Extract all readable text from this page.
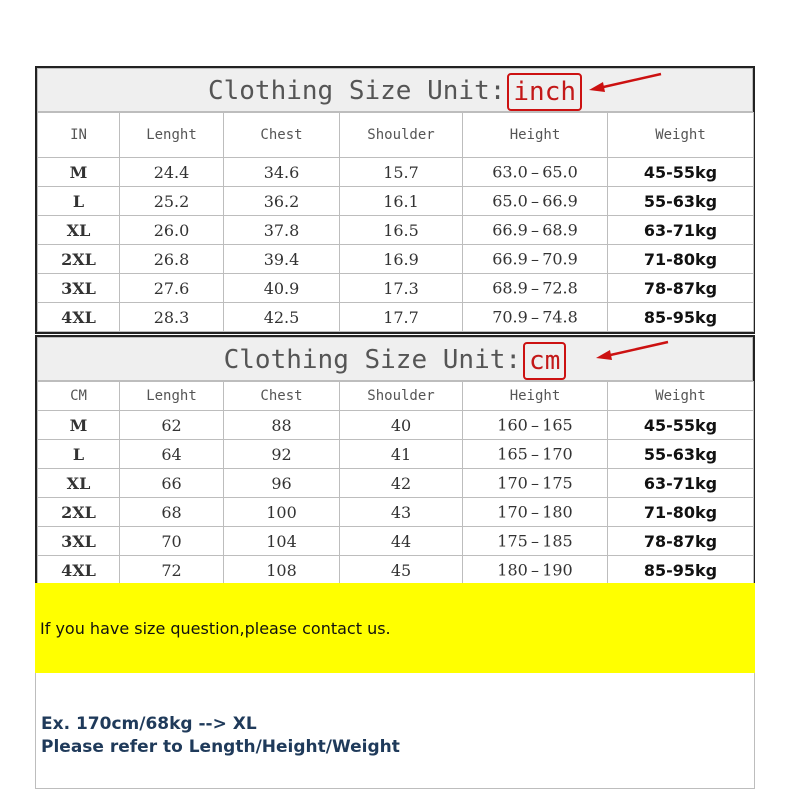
Clothing Size Unit: inch
IN	Lenght	Chest	Shoulder	Height	Weight
M	24.4	34.6	15.7	63.0 – 65.0	45-55kg
L	25.2	36.2	16.1	65.0 – 66.9	55-63kg
XL	26.0	37.8	16.5	66.9 – 68.9	63-71kg
2XL	26.8	39.4	16.9	66.9 – 70.9	71-80kg
3XL	27.6	40.9	17.3	68.9 – 72.8	78-87kg
4XL	28.3	42.5	17.7	70.9 – 74.8	85-95kg
Clothing Size Unit: cm
CM	Lenght	Chest	Shoulder	Height	Weight
M	62	88	40	160 – 165	45-55kg
L	64	92	41	165 – 170	55-63kg
XL	66	96	42	170 – 175	63-71kg
2XL	68	100	43	170 – 180	71-80kg
3XL	70	104	44	175 – 185	78-87kg
4XL	72	108	45	180 – 190	85-95kg
If you have size question,please contact us.
Ex. 170cm/68kg --> XL
Please refer to Length/Height/Weight
